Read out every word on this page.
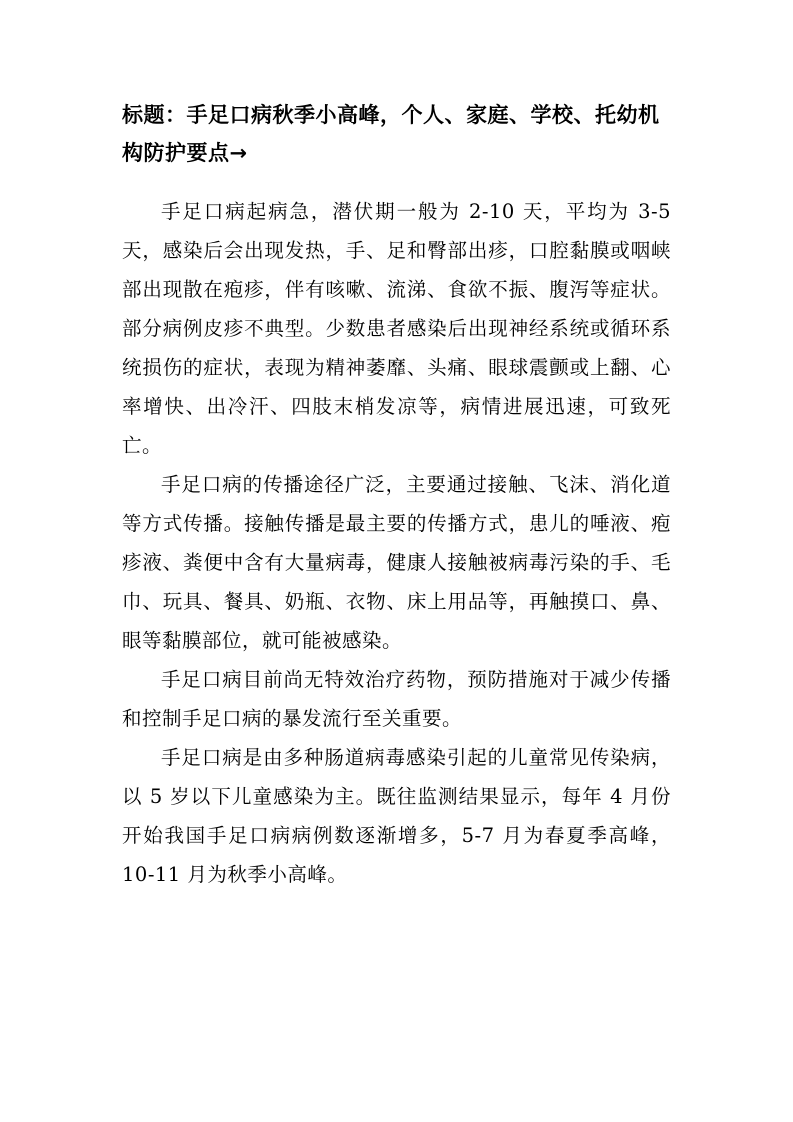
标题：手足口病秋季小高峰，个人、家庭、学校、托幼机构防护要点→

手足口病起病急，潜伏期一般为 2-10 天，平均为 3-5 天，感染后会出现发热，手、足和臀部出疹，口腔黏膜或咽峡部出现散在疱疹，伴有咳嗽、流涕、食欲不振、腹泻等症状。部分病例皮疹不典型。少数患者感染后出现神经系统或循环系统损伤的症状，表现为精神萎靡、头痛、眼球震颤或上翻、心率增快、出冷汗、四肢末梢发凉等，病情进展迅速，可致死亡。

手足口病的传播途径广泛，主要通过接触、飞沫、消化道等方式传播。接触传播是最主要的传播方式，患儿的唾液、疱疹液、粪便中含有大量病毒，健康人接触被病毒污染的手、毛巾、玩具、餐具、奶瓶、衣物、床上用品等，再触摸口、鼻、眼等黏膜部位，就可能被感染。

手足口病目前尚无特效治疗药物，预防措施对于减少传播和控制手足口病的暴发流行至关重要。

手足口病是由多种肠道病毒感染引起的儿童常见传染病，以 5 岁以下儿童感染为主。既往监测结果显示，每年 4 月份开始我国手足口病病例数逐渐增多，5-7 月为春夏季高峰，10-11 月为秋季小高峰。
